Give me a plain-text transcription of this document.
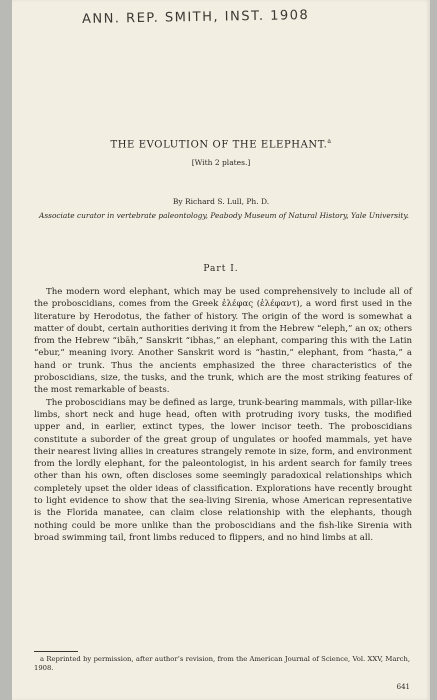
ANN. REP. SMITH, INST. 1908
THE EVOLUTION OF THE ELEPHANT.$^a$
[With 2 plates.]
By Richard S. Lull, Ph. D.
Associate curator in vertebrate paleontology, Peabody Museum of Natural History, Yale University.
Part I.

The modern word elephant, which may be used comprehensively to include all of the proboscidians, comes from the Greek ἐλέφας (ἐλέφαντ), a word first used in the literature by Herodotus, the father of history. The origin of the word is somewhat a matter of doubt, certain authorities deriving it from the Hebrew “eleph,” an ox; others from the Hebrew “ibāh,” Sanskrit “ibhas,” an elephant, comparing this with the Latin “ebur,” meaning ivory. Another Sanskrit word is “hastin,” elephant, from “hasta,” a hand or trunk. Thus the ancients emphasized the three characteristics of the proboscidians, size, the tusks, and the trunk, which are the most striking features of the most remarkable of beasts.

The proboscidians may be defined as large, trunk-bearing mammals, with pillar-like limbs, short neck and huge head, often with protruding ivory tusks, the modified upper and, in earlier, extinct types, the lower incisor teeth. The proboscidians constitute a suborder of the great group of ungulates or hoofed mammals, yet have their nearest living allies in creatures strangely remote in size, form, and environment from the lordly elephant, for the paleontologist, in his ardent search for family trees other than his own, often discloses some seemingly paradoxical relationships which completely upset the older ideas of classification. Explorations have recently brought to light evidence to show that the sea-living Sirenia, whose American representative is the Florida manatee, can claim close relationship with the elephants, though nothing could be more unlike than the proboscidians and the fish-like Sirenia with broad swimming tail, front limbs reduced to flippers, and no hind limbs at all.

a Reprinted by permission, after author’s revision, from the American Journal of Science, Vol. XXV, March, 1908.
641
